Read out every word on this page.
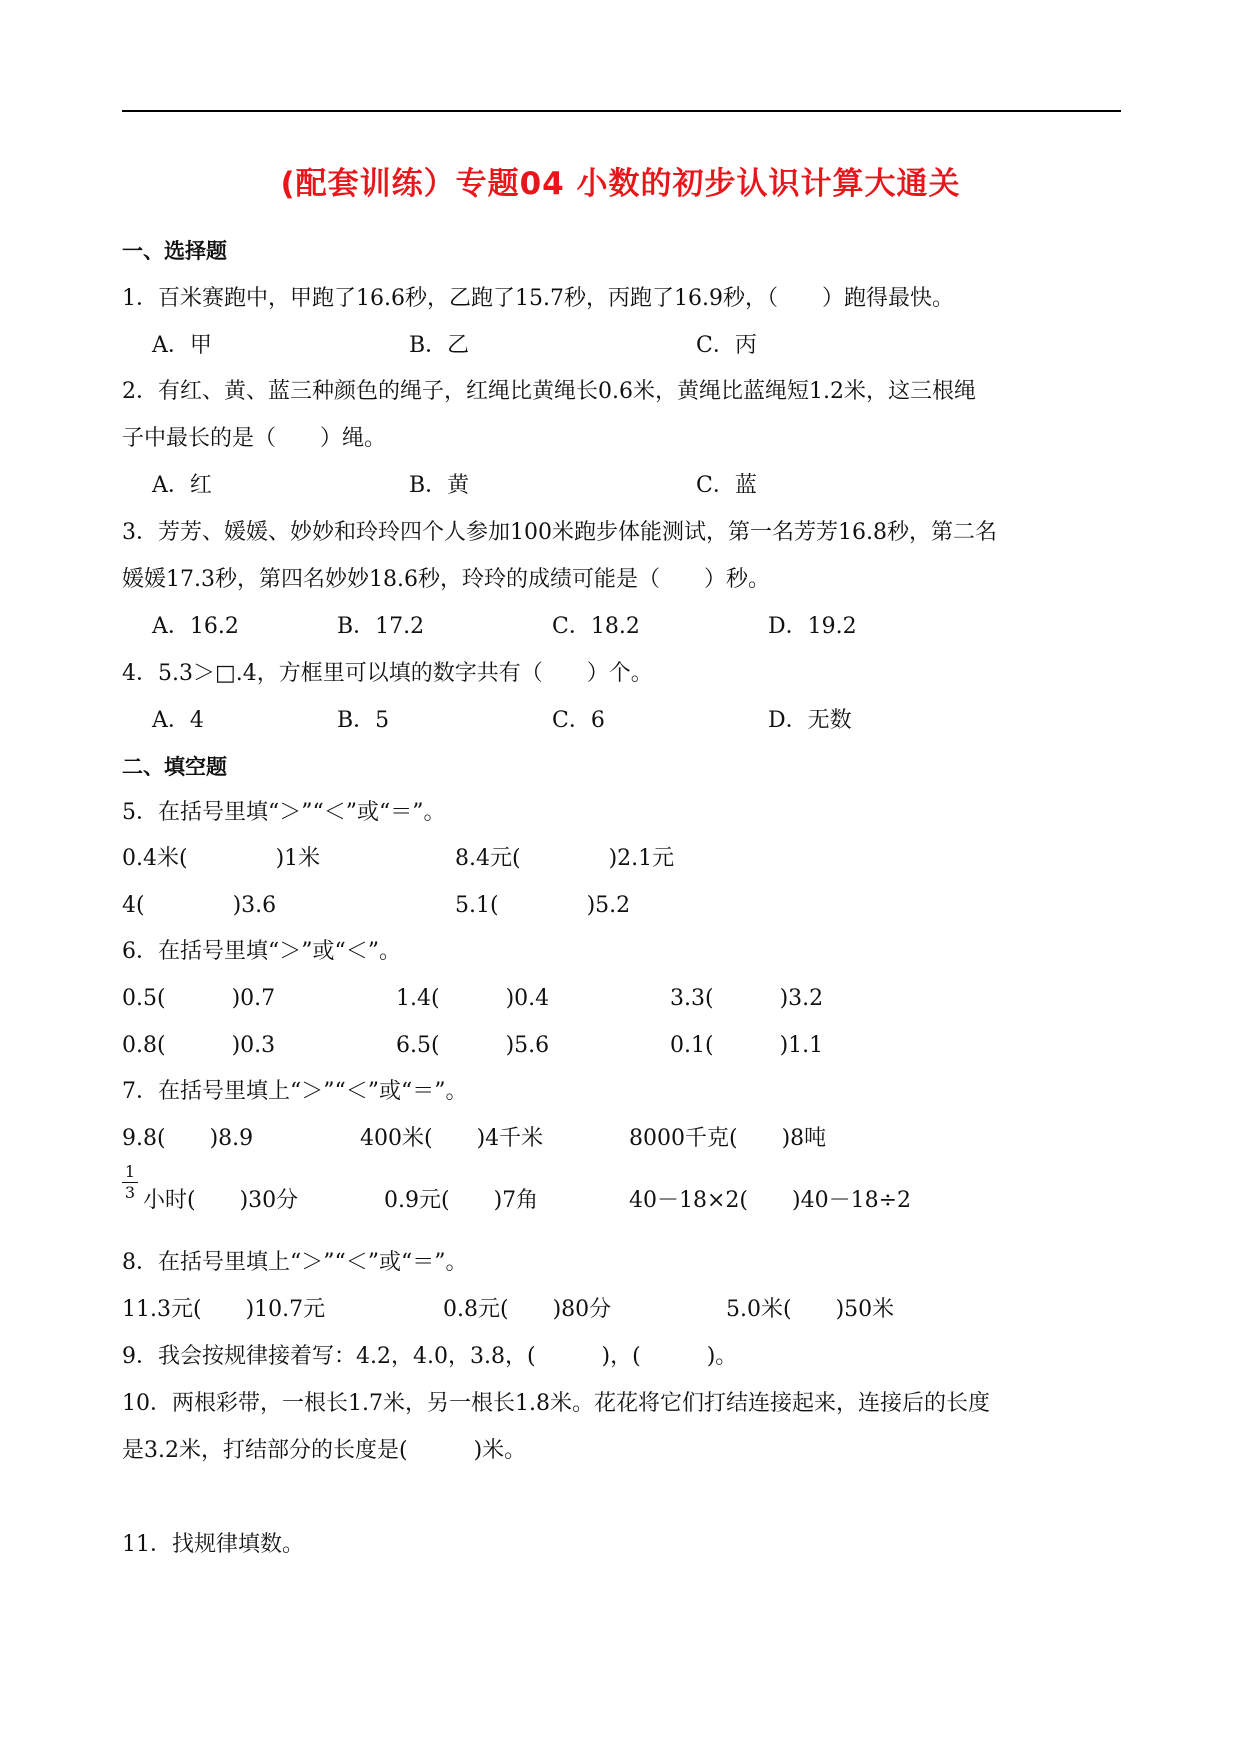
(配套训练）专题04 小数的初步认识计算大通关
一、选择题
1．百米赛跑中，甲跑了16.6秒，乙跑了15.7秒，丙跑了16.9秒，（　　）跑得最快。
A．甲	B．乙	C．丙
2．有红、黄、蓝三种颜色的绳子，红绳比黄绳长0.6米，黄绳比蓝绳短1.2米，这三根绳
子中最长的是（　　）绳。
A．红	B．黄	C．蓝
3．芳芳、媛媛、妙妙和玲玲四个人参加100米跑步体能测试，第一名芳芳16.8秒，第二名
媛媛17.3秒，第四名妙妙18.6秒，玲玲的成绩可能是（　　）秒。
A．16.2	B．17.2	C．18.2	D．19.2
4．5.3＞□.4，方框里可以填的数字共有（　　）个。
A．4	B．5	C．6	D．无数
二、填空题
5．在括号里填“＞”“＜”或“＝”。
0.4米(　　　　)1米	8.4元(　　　　)2.1元
4(　　　　)3.6	5.1(　　　　)5.2
6．在括号里填“＞”或“＜”。
0.5(　　　)0.7	1.4(　　　)0.4	3.3(　　　)3.2
0.8(　　　)0.3	6.5(　　　)5.6	0.1(　　　)1.1
7．在括号里填上“＞”“＜”或“＝”。
9.8(　　)8.9	400米(　　)4千米	8000千克(　　)8吨
1
3 小时(　　)30分	0.9元(　　)7角	40－18×2(　　)40－18÷2
8．在括号里填上“＞”“＜”或“＝”。
11.3元(　　)10.7元	0.8元(　　)80分	5.0米(　　)50米
9．我会按规律接着写：4.2，4.0，3.8，(　　　)，(　　　)。
10．两根彩带，一根长1.7米，另一根长1.8米。花花将它们打结连接起来，连接后的长度
是3.2米，打结部分的长度是(　　　)米。
11．找规律填数。
